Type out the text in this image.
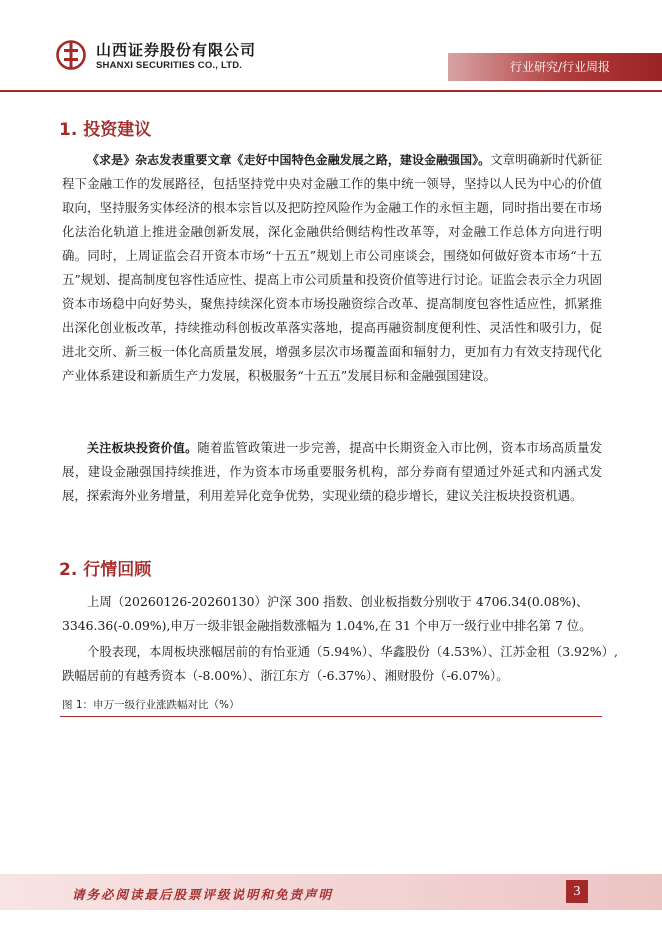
山西证券股份有限公司
SHANXI SECURITIES CO., LTD.	行业研究/行业周报
1. 投资建议

《求是》杂志发表重要文章《走好中国特色金融发展之路，建设金融强国》。文章明确新时代新征程下金融工作的发展路径，包括坚持党中央对金融工作的集中统一领导，坚持以人民为中心的价值取向，坚持服务实体经济的根本宗旨以及把防控风险作为金融工作的永恒主题，同时指出要在市场化法治化轨道上推进金融创新发展，深化金融供给侧结构性改革等，对金融工作总体方向进行明确。同时，上周证监会召开资本市场“十五五”规划上市公司座谈会，围绕如何做好资本市场“十五五”规划、提高制度包容性适应性、提高上市公司质量和投资价值等进行讨论。证监会表示全力巩固资本市场稳中向好势头，聚焦持续深化资本市场投融资综合改革、提高制度包容性适应性，抓紧推出深化创业板改革，持续推动科创板改革落实落地，提高再融资制度便利性、灵活性和吸引力，促进北交所、新三板一体化高质量发展，增强多层次市场覆盖面和辐射力，更加有力有效支持现代化产业体系建设和新质生产力发展，积极服务“十五五”发展目标和金融强国建设。

关注板块投资价值。随着监管政策进一步完善，提高中长期资金入市比例，资本市场高质量发展，建设金融强国持续推进，作为资本市场重要服务机构，部分券商有望通过外延式和内涵式发展，探索海外业务增量，利用差异化竞争优势，实现业绩的稳步增长，建议关注板块投资机遇。

2. 行情回顾
上周（20260126-20260130）沪深 300 指数、创业板指数分别收于 4706.34(0.08%)、
3346.36(-0.09%),申万一级非银金融指数涨幅为 1.04%,在 31 个申万一级行业中排名第 7 位。
个股表现，本周板块涨幅居前的有怡亚通（5.94%）、华鑫股份（4.53%）、江苏金租（3.92%）,
跌幅居前的有越秀资本（-8.00%）、浙江东方（-6.37%）、湘财股份（-6.07%）。
图 1：申万一级行业涨跌幅对比（%）
请务必阅读最后股票评级说明和免责声明	3
